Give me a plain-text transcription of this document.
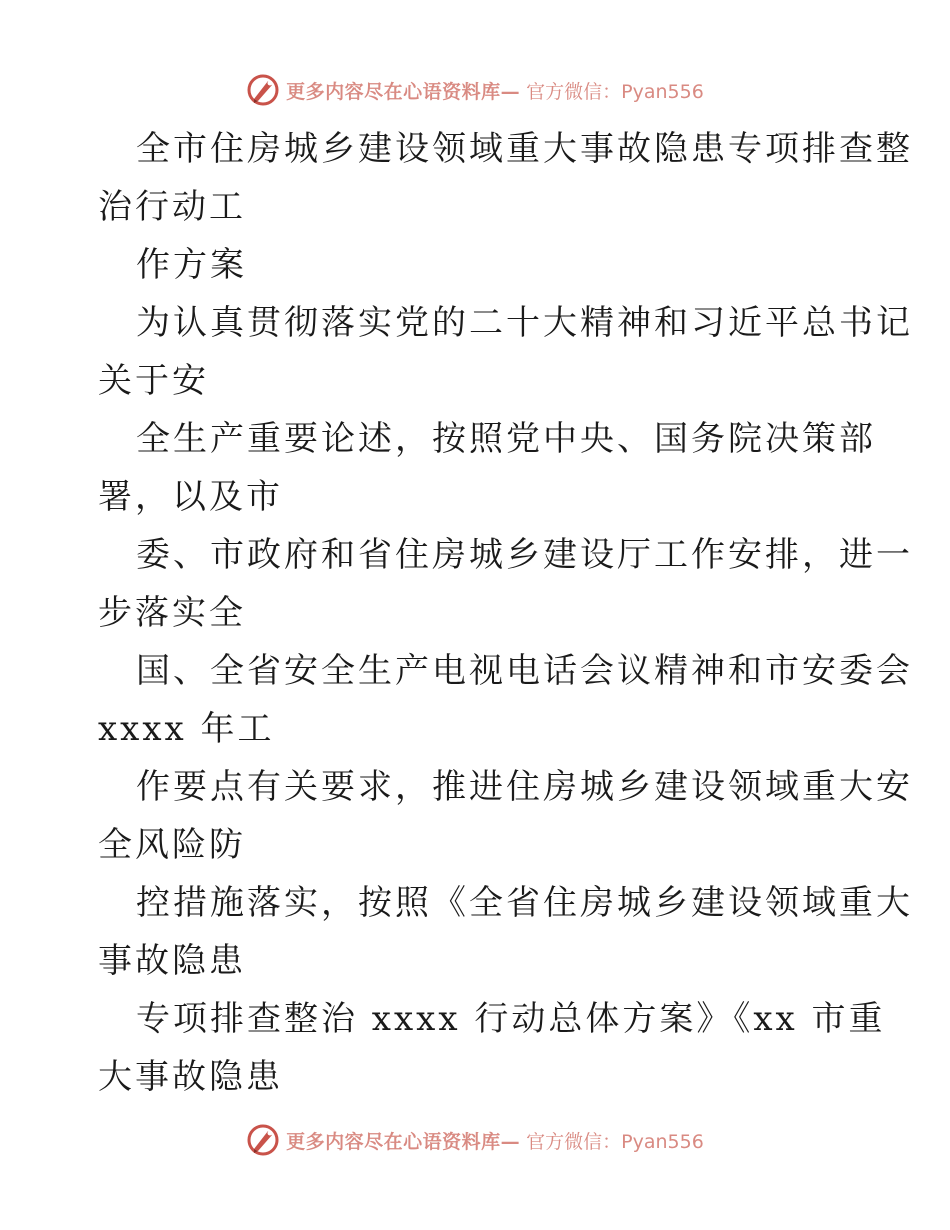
更多内容尽在心语资料库— 官方微信：Pyan556
全市住房城乡建设领域重大事故隐患专项排查整
治行动工
作方案
为认真贯彻落实党的二十大精神和习近平总书记
关于安
全生产重要论述，按照党中央、国务院决策部
署，以及市
委、市政府和省住房城乡建设厅工作安排，进一
步落实全
国、全省安全生产电视电话会议精神和市安委会
xxxx 年工
作要点有关要求，推进住房城乡建设领域重大安
全风险防
控措施落实，按照《全省住房城乡建设领域重大
事故隐患
专项排查整治 xxxx 行动总体方案》《xx 市重
大事故隐患
更多内容尽在心语资料库— 官方微信：Pyan556
